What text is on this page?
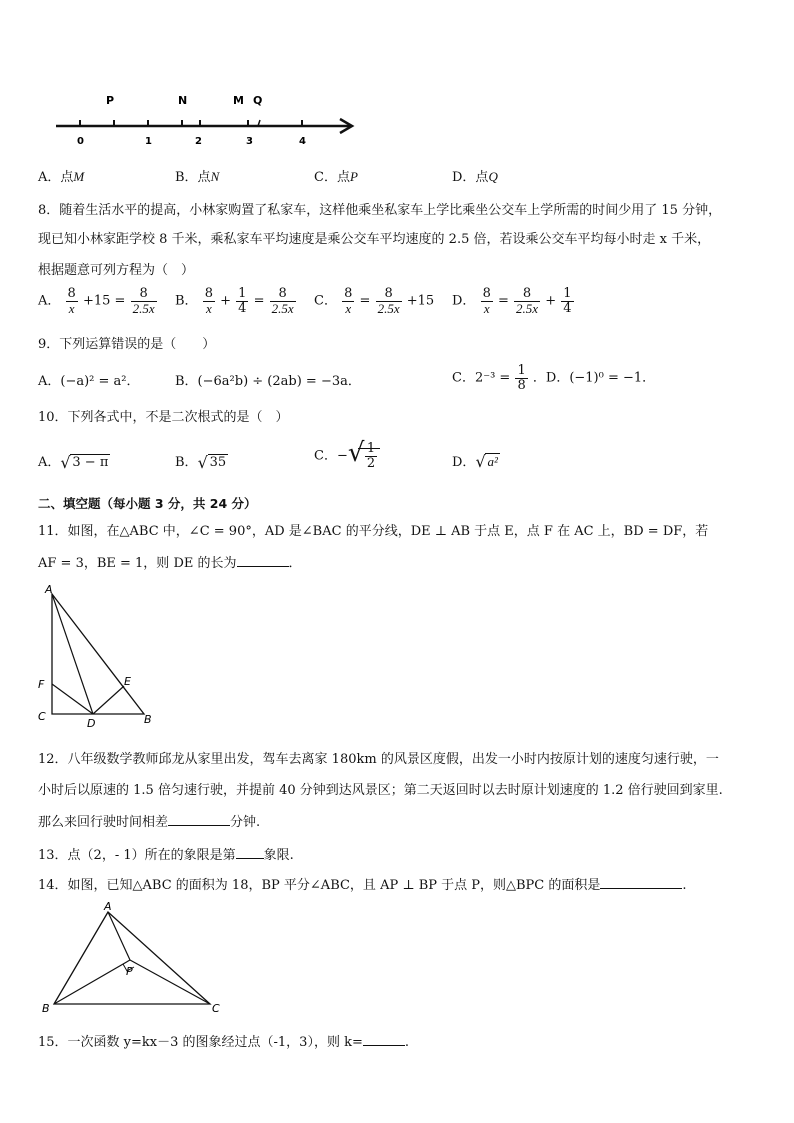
P	N	M Q
0	1	2	3	4
A．点M	B．点N	C．点P	D．点Q
8．随着生活水平的提高，小林家购置了私家车，这样他乘坐私家车上学比乘坐公交车上学所需的时间少用了 15 分钟，
现已知小林家距学校 8 千米，乘私家车平均速度是乘公交车平均速度的 2.5 倍，若设乘公交车平均每小时走 x 千米，
根据题意可列方程为（　）
A． $\frac{8}{x} +15 = \frac{8}{2.5x}$ B． $\frac{8}{x} + \frac{1}{4} = \frac{8}{2.5x}$ C． $\frac{8}{x} = \frac{8}{2.5x} +15$ D． $\frac{8}{x} = \frac{8}{2.5x} + \frac{1}{4}$
9．下列运算错误的是（　　）
A．(−a)² = a²．	B．(−6a²b) ÷ (2ab) = −3a．	C．$2^{-3} = \frac{1}{8}$ ．D．(−1)⁰ = −1．
10．下列各式中，不是二次根式的是（　）
A． √ 3 − π	B． √ 35	C．− √ $\frac{1}{2}$	D． √ a²
二、填空题（每小题 3 分，共 24 分）
11．如图，在△ABC 中，∠C = 90°，AD 是∠BAC 的平分线，DE ⊥ AB 于点 E，点 F 在 AC 上，BD = DF，若
AF = 3，BE = 1，则 DE 的长为	．
A
F	E
C
D	B
12．八年级数学教师邱龙从家里出发，驾车去离家 180km 的风景区度假，出发一小时内按原计划的速度匀速行驶，一
小时后以原速的 1.5 倍匀速行驶，并提前 40 分钟到达风景区；第二天返回时以去时原计划速度的 1.2 倍行驶回到家里.
那么来回行驶时间相差	分钟.
13．点（2，- 1）所在的象限是第 象限.
14．如图，已知△ABC 的面积为 18，BP 平分∠ABC，且 AP ⊥ BP 于点 P，则△BPC 的面积是	.
A
P
B	C
15．一次函数 y=kx－3 的图象经过点（-1，3），则 k=	.
